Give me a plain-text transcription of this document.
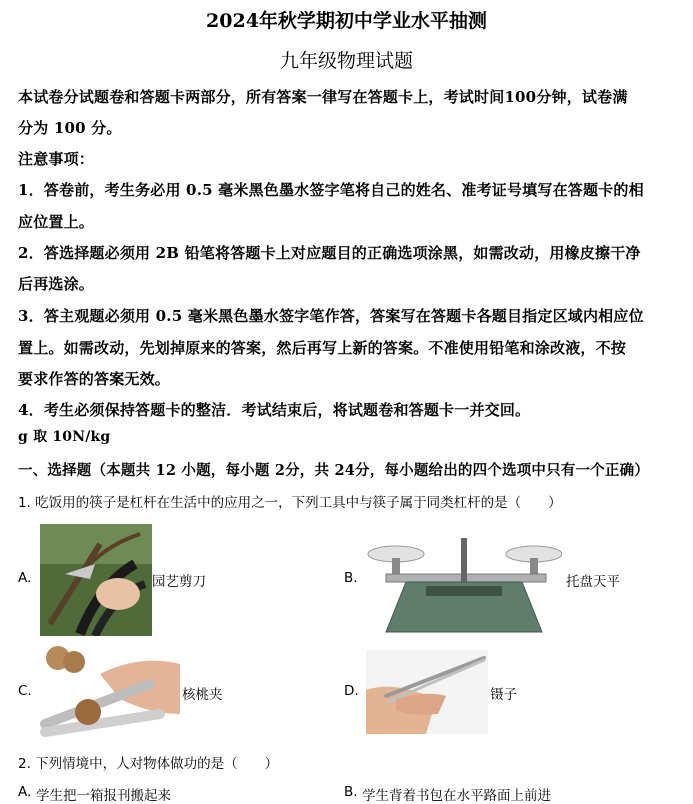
2024年秋学期初中学业水平抽测
九年级物理试题
本试卷分试题卷和答题卡两部分，所有答案一律写在答题卡上，考试时间100分钟，试卷满
分为 100 分。
注意事项：
1．答卷前，考生务必用 0.5 毫米黑色墨水签字笔将自己的姓名、准考证号填写在答题卡的相
应位置上。
2．答选择题必须用 2B 铅笔将答题卡上对应题目的正确选项涂黑，如需改动，用橡皮擦干净
后再选涂。
3．答主观题必须用 0.5 毫米黑色墨水签字笔作答，答案写在答题卡各题目指定区域内相应位
置上。如需改动，先划掉原来的答案，然后再写上新的答案。不准使用铅笔和涂改液，不按
要求作答的答案无效。
4．考生必须保持答题卡的整洁．考试结束后，将试题卷和答题卡一并交回。
g 取 10N/kg
一、选择题（本题共 12 小题，每小题 2分，共 24分，每小题给出的四个选项中只有一个正确）
1. 吃饭用的筷子是杠杆在生活中的应用之一，下列工具中与筷子属于同类杠杆的是（　　）
A.	园艺剪刀	B.	托盘天平
C.	核桃夹	D.	镊子
2. 下列情境中，人对物体做功的是（　　）
A. 学生把一箱报刊搬起来	B. 学生背着书包在水平路面上前进
